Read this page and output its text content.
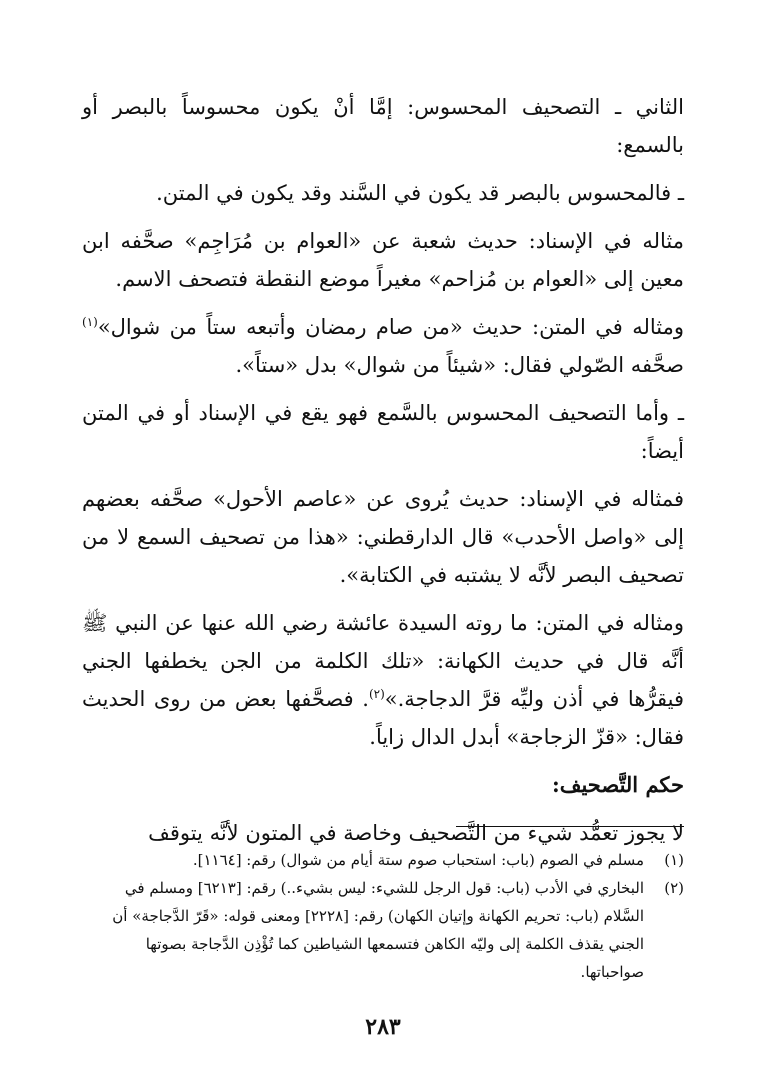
الثاني ـ التصحيف المحسوس: إمَّا أنْ يكون محسوساً بالبصر أو بالسمع:

ـ فالمحسوس بالبصر قد يكون في السَّند وقد يكون في المتن.

مثاله في الإسناد: حديث شعبة عن «العوام بن مُرَاجِم» صحَّفه ابن معين إلى «العوام بن مُزاحم» مغيراً موضع النقطة فتصحف الاسم.

ومثاله في المتن: حديث «من صام رمضان وأتبعه ستاً من شوال»$^{(١)}$ صحَّفه الصّولي فقال: «شيئاً من شوال» بدل «ستاً».

ـ وأما التصحيف المحسوس بالسَّمع فهو يقع في الإسناد أو في المتن أيضاً:

فمثاله في الإسناد: حديث يُروى عن «عاصم الأحول» صحَّفه بعضهم إلى «واصل الأحدب» قال الدارقطني: «هذا من تصحيف السمع لا من تصحيف البصر لأنَّه لا يشتبه في الكتابة».

ومثاله في المتن: ما روته السيدة عائشة رضي الله عنها عن النبي ﷺ أنَّه قال في حديث الكهانة: «تلك الكلمة من الجن يخطفها الجني فيقرُّها في أذن وليِّه قرَّ الدجاجة.»$^{(٢)}$. فصحَّفها بعض من روى الحديث فقال: «قزّ الزجاجة» أبدل الدال زاياً.

حكم التَّصحيف:

لا يجوز تعمُّد شيء من التَّصحيف وخاصة في المتون لأنَّه يتوقف

(١)
مسلم في الصوم (باب: استحباب صوم ستة أيام من شوال) رقم: [١١٦٤].
(٢)
البخاري في الأدب (باب: قول الرجل للشيء: ليس بشيء..) رقم: [٦٢١٣] ومسلم في السَّلام (باب: تحريم الكهانة وإتيان الكهان) رقم: [٢٢٢٨] ومعنى قوله: «قَرّ الدَّجاجة» أن الجني يقذف الكلمة إلى وليّه الكاهن فتسمعها الشياطين كما تُؤْذِن الدَّجاجة بصوتها صواحباتها.
٢٨٣
